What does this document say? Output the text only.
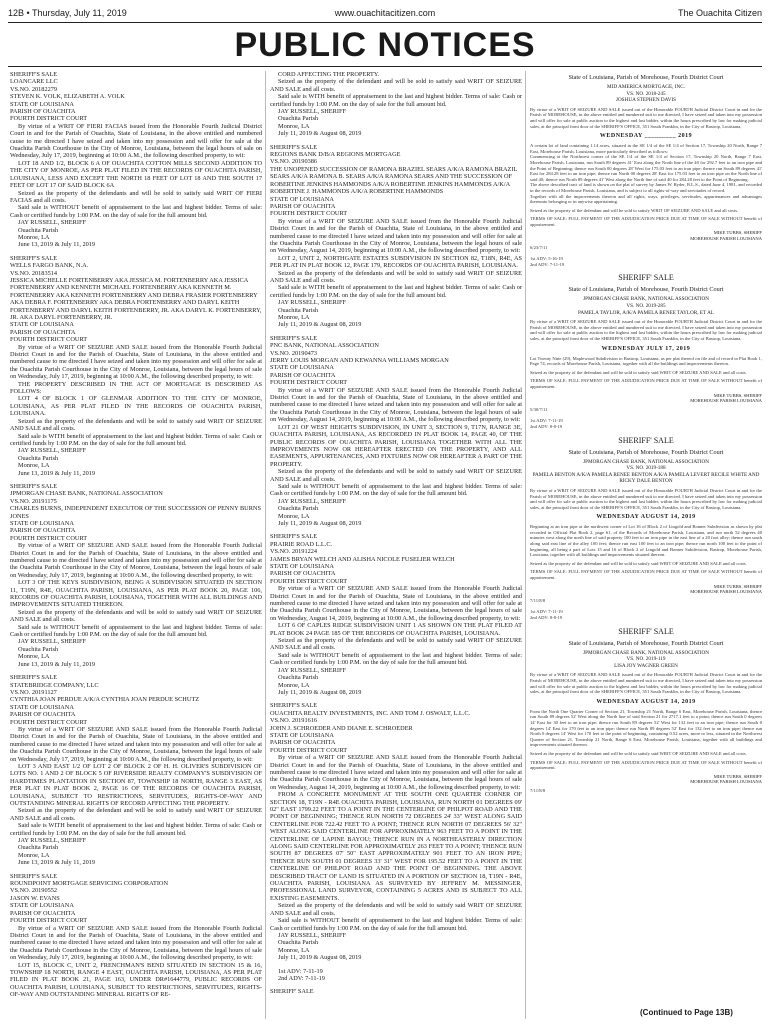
12B • Thursday, July 11, 2019	www.ouachitacitizen.com	The Ouachita Citizen
PUBLIC NOTICES

SHERIFF'S SALE

LOANCARE LLC

VS.NO. 20182279

STEVEN K. VOLK, ELIZABETH A. VOLK

STATE OF LOUISIANA

PARISH OF OUACHITA

FOURTH DISTRICT COURT

By virtue of a WRIT OF FIERI FACIAS issued from the Honorable Fourth Judicial District Court in and for the Parish of Ouachita, State of Louisiana, in the above entitled and numbered cause to me directed I have seized and taken into my possession and will offer for sale at the Ouachita Parish Courthouse in the City of Monroe, Louisiana, between the legal hours of sale on Wednesday, July 17, 2019, beginning at 10:00 A.M., the following described property, to wit:

LOT 18 AND 1/2, BLOCK 6 A OF OUACHITA COTTON MILLS SECOND ADDITION TO THE CITY OF MONROE, AS PER PLAT FILED IN THE RECORDS OF OUACHITA PARISH, LOUISIANA, LESS AND EXCEPT THE NORTH 18 FEET OF LOT 18 AND THE SOUTH 17 FEET OF LOT 17 OF SAID BLOCK 6A

Seized as the property of the defendants and will be sold to satisfy said WRIT OF FIERI FACIAS and all costs.

Said sale is WITHOUT benefit of appraisement to the last and highest bidder. Terms of sale: Cash or certified funds by 1:00 P.M. on the day of sale for the full amount bid.

JAY RUSSELL, SHERIFF

Ouachita Parish

Monroe, LA

June 13, 2019 & July 11, 2019

SHERIFF'S SALE

WELLS FARGO BANK, N.A.

VS.NO. 20183514

JESSICA MICHELLE FORTENBERRY AKA JESSICA M. FORTENBERRY AKA JESSICA FORTENBERRY AND KENNETH MICHAEL FORTENBERRY AKA KENNETH M. FORTENBERRY AKA KENNETH FORTENBERRY AND DEBRA FRASIER FORTENBERRY AKA DEBRA F. FORTENBERRY AKA DEBRA FORTENBERRY AND DARYL KEITH FORTENBERRY AND DARYL KEITH FORTENBERRY, JR. AKA DARYL K. FORTENBERRY, JR. AKA DARYL FORTENBERRY, JR.

STATE OF LOUISIANA

PARISH OF OUACHITA

FOURTH DISTRICT COURT

By virtue of a WRIT OF SEIZURE AND SALE issued from the Honorable Fourth Judicial District Court in and for the Parish of Ouachita, State of Louisiana, in the above entitled and numbered cause to me directed I have seized and taken into my possession and will offer for sale at the Ouachita Parish Courthouse in the City of Monroe, Louisiana, between the legal hours of sale on Wednesday, July 17, 2019, beginning at 10:00 A.M., the following described property, to wit:

THE PROPERTY DESCRIBED IN THE ACT OF MORTGAGE IS DESCRIBED AS FOLLOWS:

LOT 4 OF BLOCK 1 OF GLENMAR ADDITION TO THE CITY OF MONROE, LOUISIANA, AS PER PLAT FILED IN THE RECORDS OF OUACHITA PARISH, LOUISIANA.

Seized as the property of the defendants and will be sold to satisfy said WRIT OF SEIZURE AND SALE and all costs.

Said sale is WITH benefit of appraisement to the last and highest bidder. Terms of sale: Cash or certified funds by 1:00 P.M. on the day of sale for the full amount bid.

JAY RUSSELL, SHERIFF

Ouachita Parish

Monroe, LA

June 13, 2019 & July 11, 2019

SHERIFF'S SALE

JPMORGAN CHASE BANK, NATIONAL ASSOCIATION

VS.NO. 20191175

CHARLES BURNS, INDEPENDENT EXECUTOR OF THE SUCCESSION OF PENNY BURNS JONES

STATE OF LOUISIANA

PARISH OF OUACHITA

FOURTH DISTRICT COURT

By virtue of a WRIT OF SEIZURE AND SALE issued from the Honorable Fourth Judicial District Court in and for the Parish of Ouachita, State of Louisiana, in the above entitled and numbered cause to me directed I have seized and taken into my possession and will offer for sale at the Ouachita Parish Courthouse in the City of Monroe, Louisiana, between the legal hours of sale on Wednesday, July 17, 2019, beginning at 10:00 A.M., the following described property, to wit:

LOT 3 OF THE KEYS SUBDIVISION, BEING A SUBDIVISION SITUATED IN SECTION 11, T19N, R4E, OUACHITA PARISH, LOUISIANA, AS PER PLAT BOOK 20, PAGE 106, RECORDS OF OUACHITA PARISH, LOUISIANA, TOGETHER WITH ALL BUILDINGS AND IMPROVEMENTS SITUATED THEREON.

Seized as the property of the defendants and will be sold to satisfy said WRIT OF SEIZURE AND SALE and all costs.

Said sale is WITHOUT benefit of appraisement to the last and highest bidder. Terms of sale: Cash or certified funds by 1:00 P.M. on the day of sale for the full amount bid.

JAY RUSSELL, SHERIFF

Ouachita Parish

Monroe, LA

June 13, 2019 & July 11, 2019

SHERIFF'S SALE

STATEBRIDGE COMPANY, LLC

VS.NO. 20191127

CYNTHIA JOAN PERDUE A/K/A CYNTHIA JOAN PERDUE SCHUTZ

STATE OF LOUISIANA

PARISH OF OUACHITA

FOURTH DISTRICT COURT

By virtue of a WRIT OF SEIZURE AND SALE issued from the Honorable Fourth Judicial District Court in and for the Parish of Ouachita, State of Louisiana, in the above entitled and numbered cause to me directed I have seized and taken into my possession and will offer for sale at the Ouachita Parish Courthouse in the City of Monroe, Louisiana, between the legal hours of sale on Wednesday, July 17, 2019, beginning at 10:00 A.M., the following described property, to wit:

LOT 3 AND EAST 1/2 OF LOT 2 OF BLOCK 2 OF H. H. OLIVER'S SUBDIVISION OF LOTS NO. 1 AND 2 OF BLOCK 5 OF RIVERSIDE REALTY COMPANY'S SUBDIVISION OF HARDTIMES PLANTATION IN SECTION 87, TOWNSHIP 18 NORTH, RANGE 3 EAST, AS PER PLAT IN PLAT BOOK 2, PAGE 16 OF THE RECORDS OF OUACHITA PARISH, LOUISIANA, SUBJECT TO RESTRICTIONS, SERVITUDES, RIGHTS-OF-WAY AND OUTSTANDING MINERAL RIGHTS OF RECORD AFFECTING THE PROPERTY.

Seized as the property of the defendant and will be sold to satisfy said WRIT OF SEIZURE AND SALE and all costs.

Said sale is WITH benefit of appraisement to the last and highest bidder. Terms of sale: Cash or certified funds by 1:00 P.M. on the day of sale for the full amount bid.

JAY RUSSELL, SHERIFF

Ouachita Parish

Monroe, LA

June 13, 2019 & July 11, 2019

SHERIFF'S SALE

ROUNDPOINT MORTGAGE SERVICING CORPORATION

VS.NO. 20190552

JASON W. EVANS

STATE OF LOUISIANA

PARISH OF OUACHITA

FOURTH DISTRICT COURT

By virtue of a WRIT OF SEIZURE AND SALE issued from the Honorable Fourth Judicial District Court in and for the Parish of Ouachita, State of Louisiana, in the above entitled and numbered cause to me directed I have seized and taken into my possession and will offer for sale at the Ouachita Parish Courthouse in the City of Monroe, Louisiana, between the legal hours of sale on Wednesday, July 17, 2019, beginning at 10:00 A.M., the following described property, to wit:

LOT 15, BLOCK C, UNIT 2, FRENCHMAN'S BEND SITUATED IN SECTION 15 & 16, TOWNSHIP 18 NORTH, RANGE 4 EAST, OUACHITA PARISH, LOUISIANA, AS PER PLAT FILED IN PLAT BOOK 21, PAGE 163, UNDER DR#1644779, PUBLIC RECORDS OF OUACHITA PARISH, LOUISIANA, SUBJECT TO RESTRICTIONS, SERVITUDES, RIGHTS-OF-WAY AND OUTSTANDING MINERAL RIGHTS OF RE-

CORD AFFECTING THE PROPERTY.

Seized as the property of the defendant and will be sold to satisfy said WRIT OF SEIZURE AND SALE and all costs.

Said sale is WITH benefit of appraisement to the last and highest bidder. Terms of sale: Cash or certified funds by 1:00 P.M. on the day of sale for the full amount bid.

JAY RUSSELL, SHERIFF

Ouachita Parish

Monroe, LA

July 11, 2019 & August 08, 2019

SHERIFF'S SALE

REGIONS BANK D/B/A REGIONS MORTGAGE

VS.NO. 20190386

THE UNOPENED SUCCESSION OF RAMONA BRAZIEL SEARS A/K/A RAMONA BRAZIL SEARS A/K/A RAMONA B. SEARS A/K/A RAMONA SEARS AND THE SUCCESSION OF ROBERTINE JENKINS HAMMONDS A/K/A ROBERTINE JENKINS HAMMONDS A/K/A ROBERTINE J. HAMMONDS A/K/A ROBERTINE HAMMONDS

STATE OF LOUISIANA

PARISH OF OUACHITA

FOURTH DISTRICT COURT

By virtue of a WRIT OF SEIZURE AND SALE issued from the Honorable Fourth Judicial District Court in and for the Parish of Ouachita, State of Louisiana, in the above entitled and numbered cause to me directed I have seized and taken into my possession and will offer for sale at the Ouachita Parish Courthouse in the City of Monroe, Louisiana, between the legal hours of sale on Wednesday, August 14, 2019, beginning at 10:00 A.M., the following described property, to wit:

LOT 2, UNIT 2, NORTHGATE ESTATES SUBDIVISION IN SECTION 82, T18N, R4E, AS PER PLAT IN PLAT BOOK 12, PAGE 179, RECORDS OF OUACHITA PARISH, LOUISIANA.

Seized as the property of the defendants and will be sold to satisfy said WRIT OF SEIZURE AND SALE and all costs.

Said sale is WITH benefit of appraisement to the last and highest bidder. Terms of sale: Cash or certified funds by 1:00 P.M. on the day of sale for the full amount bid.

JAY RUSSELL, SHERIFF

Ouachita Parish

Monroe, LA

July 11, 2019 & August 08, 2019

SHERIFF'S SALE

PNC BANK, NATIONAL ASSOCIATION

VS.NO. 20190473

JERRY LOUIS MORGAN AND KEWANNA WILLIAMS MORGAN

STATE OF LOUISIANA

PARISH OF OUACHITA

FOURTH DISTRICT COURT

By virtue of a WRIT OF SEIZURE AND SALE issued from the Honorable Fourth Judicial District Court in and for the Parish of Ouachita, State of Louisiana, in the above entitled and numbered cause to me directed I have seized and taken into my possession and will offer for sale at the Ouachita Parish Courthouse in the City of Monroe, Louisiana, between the legal hours of sale on Wednesday, August 14, 2019, beginning at 10:00 A.M., the following described property, to wit:

LOT 21 OF WEST HEIGHTS SUBDIVISION, IN UNIT 3, SECTION 9, T17N, RANGE 3E, OUACHITA PARISH, LOUISIANA, AS RECORDED IN PLAT BOOK 14, PAGE 40, OF THE PUBLIC RECORDS OF OUACHITA PARISH, LOUISIANA TOGETHER WITH ALL THE IMPROVEMENTS NOW OR HEREAFTER ERECTED ON THE PROPERTY, AND ALL EASEMENTS, APPURTENANCES, AND FIXTURES NOW OR HEREAFTER A PART OF THE PROPERTY.

Seized as the property of the defendants and will be sold to satisfy said WRIT OF SEIZURE AND SALE and all costs.

Said sale is WITHOUT benefit of appraisement to the last and highest bidder. Terms of sale: Cash or certified funds by 1:00 P.M. on the day of sale for the full amount bid.

JAY RUSSELL, SHERIFF

Ouachita Parish

Monroe, LA

July 11, 2019 & August 08, 2019

SHERIFF'S SALE

PRAIRIE ROAD L.L.C.

VS.NO. 20191224

JAMES BRYAN WELCH AND ALISHA NICOLE FUSELIER WELCH

STATE OF LOUISIANA

PARISH OF OUACHITA

FOURTH DISTRICT COURT

By virtue of a WRIT OF SEIZURE AND SALE issued from the Honorable Fourth Judicial District Court in and for the Parish of Ouachita, State of Louisiana, in the above entitled and numbered cause to me directed I have seized and taken into my possession and will offer for sale at the Ouachita Parish Courthouse in the City of Monroe, Louisiana, between the legal hours of sale on Wednesday, August 14, 2019, beginning at 10:00 A.M., the following described property, to wit:

LOT 6 OF CAPLES RIDGE SUBDIVISION UNIT 1 AS SHOWN ON THE PLAT FILED AT PLAT BOOK 24 PAGE 185 OF THE RECORDS OF OUACHITA PARISH, LOUISIANA.

Seized as the property of the defendants and will be sold to satisfy said WRIT OF SEIZURE AND SALE and all costs.

Said sale is WITHOUT benefit of appraisement to the last and highest bidder. Terms of sale: Cash or certified funds by 1:00 P.M. on the day of sale for the full amount bid.

JAY RUSSELL, SHERIFF

Ouachita Parish

Monroe, LA

July 11, 2019 & August 08, 2019

SHERIFF'S SALE

OUACHITA REALTY INVESTMENTS, INC. AND TOM J. OSWALT, L.L.C.

VS.NO. 20191616

JOHN J. SCHROEDER AND DIANE E. SCHROEDER

STATE OF LOUISIANA

PARISH OF OUACHITA

FOURTH DISTRICT COURT

By virtue of a WRIT OF SEIZURE AND SALE issued from the Honorable Fourth Judicial District Court in and for the Parish of Ouachita, State of Louisiana, in the above entitled and numbered cause to me directed I have seized and taken into my possession and will offer for sale at the Ouachita Parish Courthouse in the City of Monroe, Louisiana, between the legal hours of sale on Wednesday, August 14, 2019, beginning at 10:00 A.M., the following described property, to wit:

FROM A CONCRETE MONUMENT AT THE SOUTH ONE QUARTER CORNER OF SECTION 18, T19N - R4E OUACHITA PARISH, LOUISIANA, RUN NORTH 01 DEGREES 09' 02" EAST 1799.22 FEET TO A POINT IN THE CENTERLINE OF PHILPOT ROAD AND THE POINT OF BEGINNING; THENCE RUN NORTH 72 DEGREES 24' 33" WEST ALONG SAID CENTERLINE FOR 722.42 FEET TO A POINT; THENCE RUN NORTH 07 DEGREES 56' 32" WEST ALONG SAID CENTERLINE FOR APPROXIMATELY 963 FEET TO A POINT IN THE CENTERLINE OF LAPINE BAYOU; THENCE RUN IN A NORTHEASTERLY DIRECTION ALONG SAID CENTERLINE FOR APPROXIMATELY 263 FEET TO A POINT; THENCE RUN SOUTH 87 DEGREES 07' 50" EAST APPROXIMATELY 901 FEET TO AN IRON PIPE; THENCE RUN SOUTH 01 DEGREES 33' 31" WEST FOR 195.52 FEET TO A POINT IN THE CENTERLINE OF PHILPOT ROAD AND THE POINT OF BEGINNING. THE ABOVE DESCRIBED TRACT OF LAND IS SITUATED IN A PORTION OF SECTION 18, T19N - R4E, OUACHITA PARISH, LOUISIANA AS SURVEYED BY JEFFREY M. MESSINGER, PROFESSIONAL LAND SURVEYOR, CONTAINING 5 ACRES AND IS SUBJECT TO ALL EXISTING EASEMENTS.

Seized as the property of the defendants and will be sold to satisfy said WRIT OF SEIZURE AND SALE and all costs.

Said sale is WITHOUT benefit of appraisement to the last and highest bidder. Terms of sale: Cash or certified funds by 1:00 P.M. on the day of sale for the full amount bid.

JAY RUSSELL, SHERIFF

Ouachita Parish

Monroe, LA

July 11, 2019 & August 08, 2019

1st ADV: 7-11-19

2nd ADV: 7-11-19

SHERIFF' SALE

State of Louisiana, Parish of Morehouse, Fourth District Court
MID AMERICA MORTGAGE, INC.
VS. NO. 2018-245
JOSHUA STEPHEN DAVIS

By virtue of a WRIT OF SEIZURE AND SALE issued out of the Honorable FOURTH Judicial District Court in and for the Parish of MOREHOUSE, in the above entitled and numbered suit to me directed, I have seized and taken into my possession and will offer for sale at public auction to the highest and last bidder, within the hours prescribed by law for making judicial sales, at the principal front door of the SHERIFF'S OFFICE, 351 South Franklin, in the City of Bastrop, Louisiana,

WEDNESDAY _________ 2019

A certain lot of land containing 1.14 acres, situated in the SE 1/4 of the SE 1/4 of Section 17, Township 20 North, Range 7 East, Morehouse Parish, Louisiana, more particularly described as follows:
Commencing at the Northwest corner of the SE 1/4 of the SE 1/4 of Section 17, Township 20 North, Range 7 East, Morehouse Parish, Louisiana, run South 89 degrees 41' East along the North line of the 40 for 292.7 feet to an iron pipe and the Point of Beginning; thence run South 00 degrees 28' West for 175.03 feet to an iron pipe; thence run South 89 degrees 41' East for 284.28 feet to an iron pipe; thence run North 00 degrees 28' East for 175.03 feet to an iron pipe on the North line of said 40; thence run North 89 degrees 41' West along the North line of said 40 for 284.28 feet to the Point of Beginning.
The above described tract of land is shown on the plat of survey by James W. Ryder, R.L.S., dated June 4, 1981, and recorded in the records of Morehouse Parish, Louisiana, and is subject to all rights-of-way and servitudes of record.
Together with all the improvements thereon and all rights, ways, privileges, servitudes, appurtenances and advantages thereunto belonging or in anywise appertaining.

Seized as the property of the defendant and will be sold to satisfy WRIT OF SEIZURE AND SALE and all costs.

TERMS OF SALE: FULL PAYMENT OF THE ADJUDICATION PRICE DUE AT TIME OF SALE WITHOUT benefit of appraisement.

MIKE TUBBS, SHERIFF
MOREHOUSE PARISH LOUISIANA

6/23/7/11

1st ADV: 5-16-19
2nd ADV: 7-11-19

SHERIFF' SALE
State of Louisiana, Parish of Morehouse, Fourth District Court
JPMORGAN CHASE BANK, NATIONAL ASSOCIATION
VS. NO. 2019-285
PAMELA TAYLOR, A/K/A PAMELA RENEE TAYLOR, ET AL

By virtue of a WRIT OF SEIZURE AND SALE issued out of the Honorable FOURTH Judicial District Court in and for the Parish of MOREHOUSE, in the above entitled and numbered suit to me directed, I have seized and taken into my possession and will offer for sale at public auction to the highest and last bidder, within the hours prescribed by law for making judicial sales, at the principal front door of the SHERIFF'S OFFICE, 351 South Franklin, in the City of Bastrop, Louisiana,

WEDNESDAY JULY 17, 2019

Lot Twenty Nine (29), Maplewood Subdivision to Bastrop, Louisiana, as per plat thereof on file and of record in Plat Book 1, Page 74, records of Morehouse Parish, Louisiana, together with all the buildings and improvements thereon.

Seized as the property of the defendant and will be sold to satisfy said WRIT OF SEIZURE AND SALE and all costs.

TERMS OF SALE: FULL PAYMENT OF THE ADJUDICATION PRICE DUE AT TIME OF SALE WITHOUT benefit of appraisement.

MIKE TUBBS, SHERIFF
MOREHOUSE PARISH LOUISIANA

5/30/7/11

1st ADV: 7-11-19
2nd ADV: 8-8-19

SHERIFF' SALE
State of Louisiana, Parish of Morehouse, Fourth District Court
JPMORGAN CHASE BANK, NATIONAL ASSOCIATION
VS. NO. 2019-188
PAMELA BENTON A/K/A PAMELA RENEE BENTON A/K/A PAMELA LEVERT RECILE WHITE AND RICKY DALE BENTON

By virtue of a WRIT OF SEIZURE AND SALE issued out of the Honorable FOURTH Judicial District Court in and for the Parish of MOREHOUSE, in the above entitled and numbered suit to me directed, I have seized and taken into my possession and will offer for sale at public auction to the highest and last bidder, within the hours prescribed by law for making judicial sales, at the principal front door of the SHERIFF'S OFFICE, 351 South Franklin, in the City of Bastrop, Louisiana,

WEDNESDAY AUGUST 14, 2019

Beginning at an iron pipe at the northwest corner of Lot 16 of Block 2 of Lingold and Bonner Subdivision as shown by plat recorded in Official Plat Book 2, page 61, of the Records of Morehouse Parish, Louisiana, and run north 52 degrees 40 minutes west along the north line of said property 100 feet to an iron pipe in the east line of a 20 foot alley; thence run south along said east line of the alley 100 feet; thence run east 100 feet to an iron pipe; thence run north 100 feet to the point of beginning, all being a part of Lots 15 and 16 of Block 2 of Lingold and Bonner Subdivision, Bastrop, Morehouse Parish, Louisiana, together with all buildings and improvements situated thereon.

Seized as the property of the defendant and will be sold to satisfy said WRIT OF SEIZURE AND SALE and all costs.

TERMS OF SALE: FULL PAYMENT OF THE ADJUDICATION PRICE DUE AT TIME OF SALE WITHOUT benefit of appraisement.

MIKE TUBBS, SHERIFF
MOREHOUSE PARISH LOUISIANA

7/11/8/8

1st ADV: 7-11-19
2nd ADV: 8-8-19

SHERIFF' SALE
State of Louisiana, Parish of Morehouse, Fourth District Court
JPMORGAN CHASE BANK, NATIONAL ASSOCIATION
VS. NO. 2019-119
LISA JOY WAGNER GREEN

By virtue of a WRIT OF SEIZURE AND SALE issued out of the Honorable FOURTH Judicial District Court in and for the Parish of MOREHOUSE, in the above entitled and numbered suit to me directed, I have seized and taken into my possession and will offer for sale at public auction to the highest and last bidder, within the hours prescribed by law for making judicial sales, at the principal front door of the SHERIFF'S OFFICE, 351 South Franklin, in the City of Bastrop, Louisiana,

WEDNESDAY AUGUST 14, 2019

From the North One Quarter Corner of Section 21, Township 21 North, Range 6 East, Morehouse Parish, Louisiana, thence run South 89 degrees 52' West along the North line of said Section 21 for 2717.1 feet to a point; thence run South 0 degrees 14' East for 30 feet to an iron pipe; thence run South 89 degrees 52' West for 132 feet to an iron pipe; thence run South 0 degrees 14' East for 170 feet to an iron pipe; thence run North 89 degrees 52' East for 132 feet to an iron pipe; thence run North 0 degrees 14' West for 170 feet to the point of beginning, containing 0.52 acres, more or less, situated in the Northwest Quarter of Section 21, Township 21 North, Range 6 East, Morehouse Parish, Louisiana, together with all buildings and improvements situated thereon.

Seized as the property of the defendant and will be sold to satisfy said WRIT OF SEIZURE AND SALE and all costs.

TERMS OF SALE: FULL PAYMENT OF THE ADJUDICATION PRICE DUE AT TIME OF SALE WITHOUT benefit of appraisement.

MIKE TUBBS, SHERIFF
MOREHOUSE PARISH LOUISIANA

7/11/8/8

(Continued to Page 13B)
